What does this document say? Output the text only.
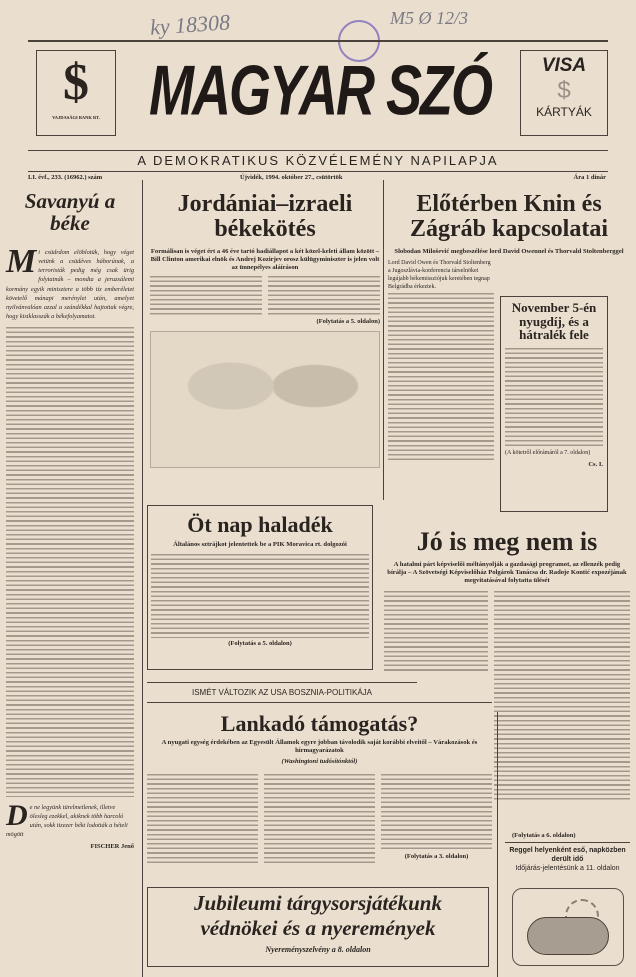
ky 18308	M5 Ø 12/3
$
VAJDASÁGI BANK RT. MAGYAR SZÓ	VISA
$
KÁRTYÁK
A DEMOKRATIKUS KÖZVÉLEMÉNY NAPILAPJA
LI. évf., 233. (16962.) szám	Újvidék, 1994. október 27., csütörtök	Ára 1 dinár
Savanyú a béke
M i csüdrdom elöblotük, hogy véget vetünk a csüdéves háborúnak, a terroristák pedig még csak ürig folytatnák – mondta a jeruzsálemi kormány egyik minisztere a több tíz emberéletet követelő mánapi merénylet után, amelyet nyilvánvalóan azzal a szándékkal hajtottak végre, hogy kisiklasszák a békefolyamatot.
D e ne legyünk türelmetlenek, illetve ölesleg ezekkel, akiknek több harcoló után, sokk tizezer békt lodották a hételi mögött
FISCHER Jenő
Jordániai–izraeli békekötés
Formálisan is véget ért a 46 éve tartó hadiállapot a két közel-keleti állam között – Bill Clinton amerikai elnök és Andrej Kozirjev orosz külügyminiszter is jelen volt az ünnepélyes aláíráson
(Folytatás a 5. oldalon)
Előtérben Knin és Zágráb kapcsolatai
Slobodan Milošević megbeszélése lord David Owennel és Thorvald Stoltenberggel
Lord David Owen és Thorvald Stoltenberg a Jugoszlávia-konferencia társelnökei legújabb békemissziójuk keretében tegnap Belgrádba érkeztek.
November 5-én nyugdíj, és a hátralék fele
(A kötetről előrámáról a 7. oldalon)
Cs. I.
Öt nap haladék
Általános sztrájkot jelentettek be a PIK Moravica rt. dolgozói
(Folytatás a 5. oldalon)
Jó is meg nem is
A hatalmi párt képviselői méltányolják a gazdasági programot, az ellenzék pedig bírálja – A Szövetségi Képviselőház Polgárok Tanácsa dr. Radoje Kontić expozéjának megvitatásával folytatta ülését
(Folytatás a 6. oldalon)
ISMÉT VÁLTOZIK AZ USA BOSZNIA-POLITIKÁJA
Lankadó támogatás?
A nyugati egység érdekében az Egyesült Államok egyre jobban távolodik saját korábbi elveitől – Várakozások és hírmagyarázatok
(Washingtoni tudósítónktól)
(Folytatás a 3. oldalon)
Reggel helyenként eső, napközben derült idő
Időjárás-jelentésünk a 11. oldalon
Jubileumi tárgysorsjátékunk
védnökei és a nyeremények
Nyereményszelvény a 8. oldalon
